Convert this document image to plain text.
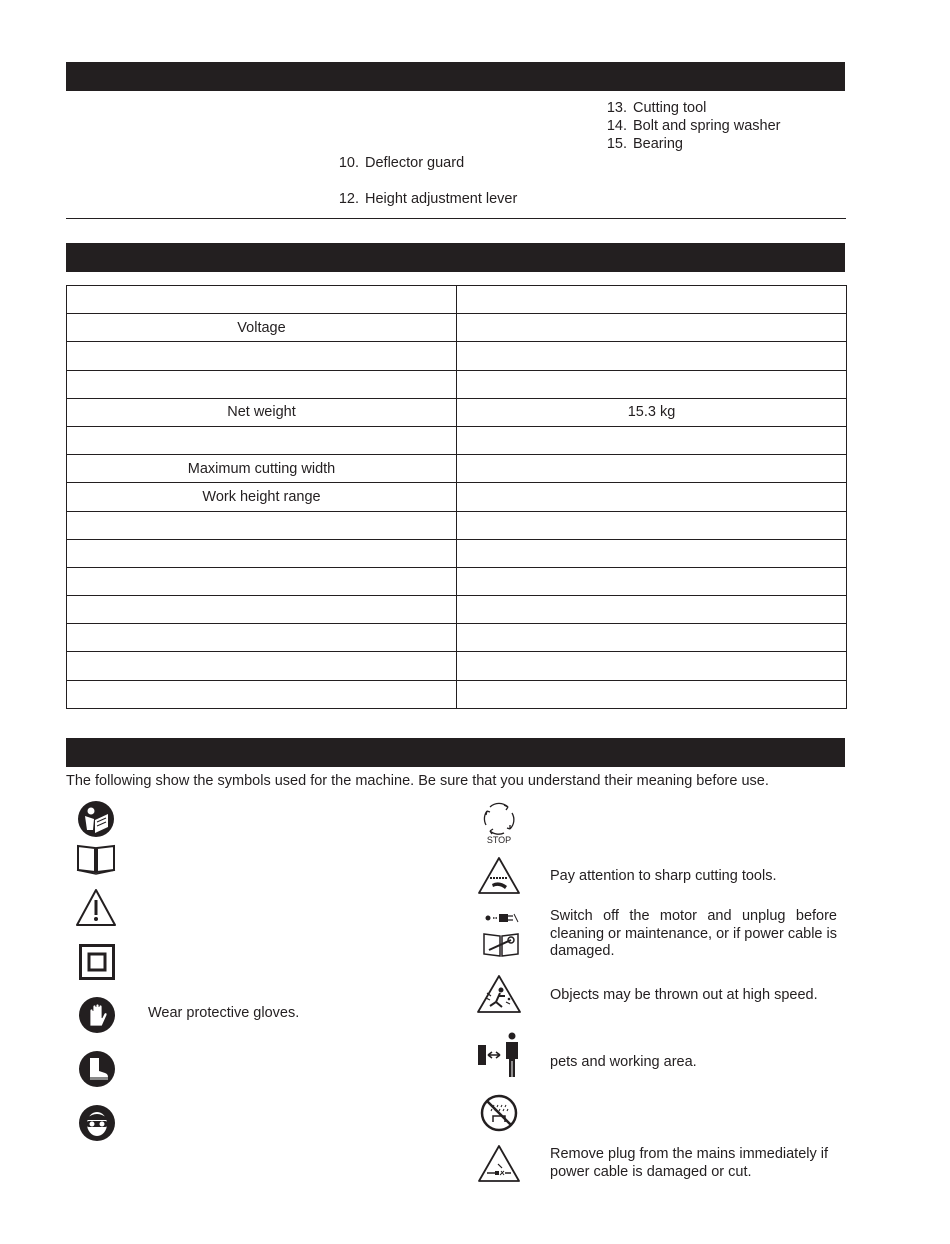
13. Cutting tool
14. Bolt and spring washer
15. Bearing
10. Deflector guard
12. Height adjustment lever

Voltage	

Net weight	15.3 kg

Maximum cutting width	
Work height range	

The following show the symbols used for the machine. Be sure that you understand their meaning before use.
Wear protective gloves.
STOP
Pay attention to sharp cutting tools.
Switch off the motor and unplug before cleaning or maintenance, or if power cable is damaged.
Objects may be thrown out at high speed.
pets and working area.
Remove plug from the mains immediately if power cable is damaged or cut.
